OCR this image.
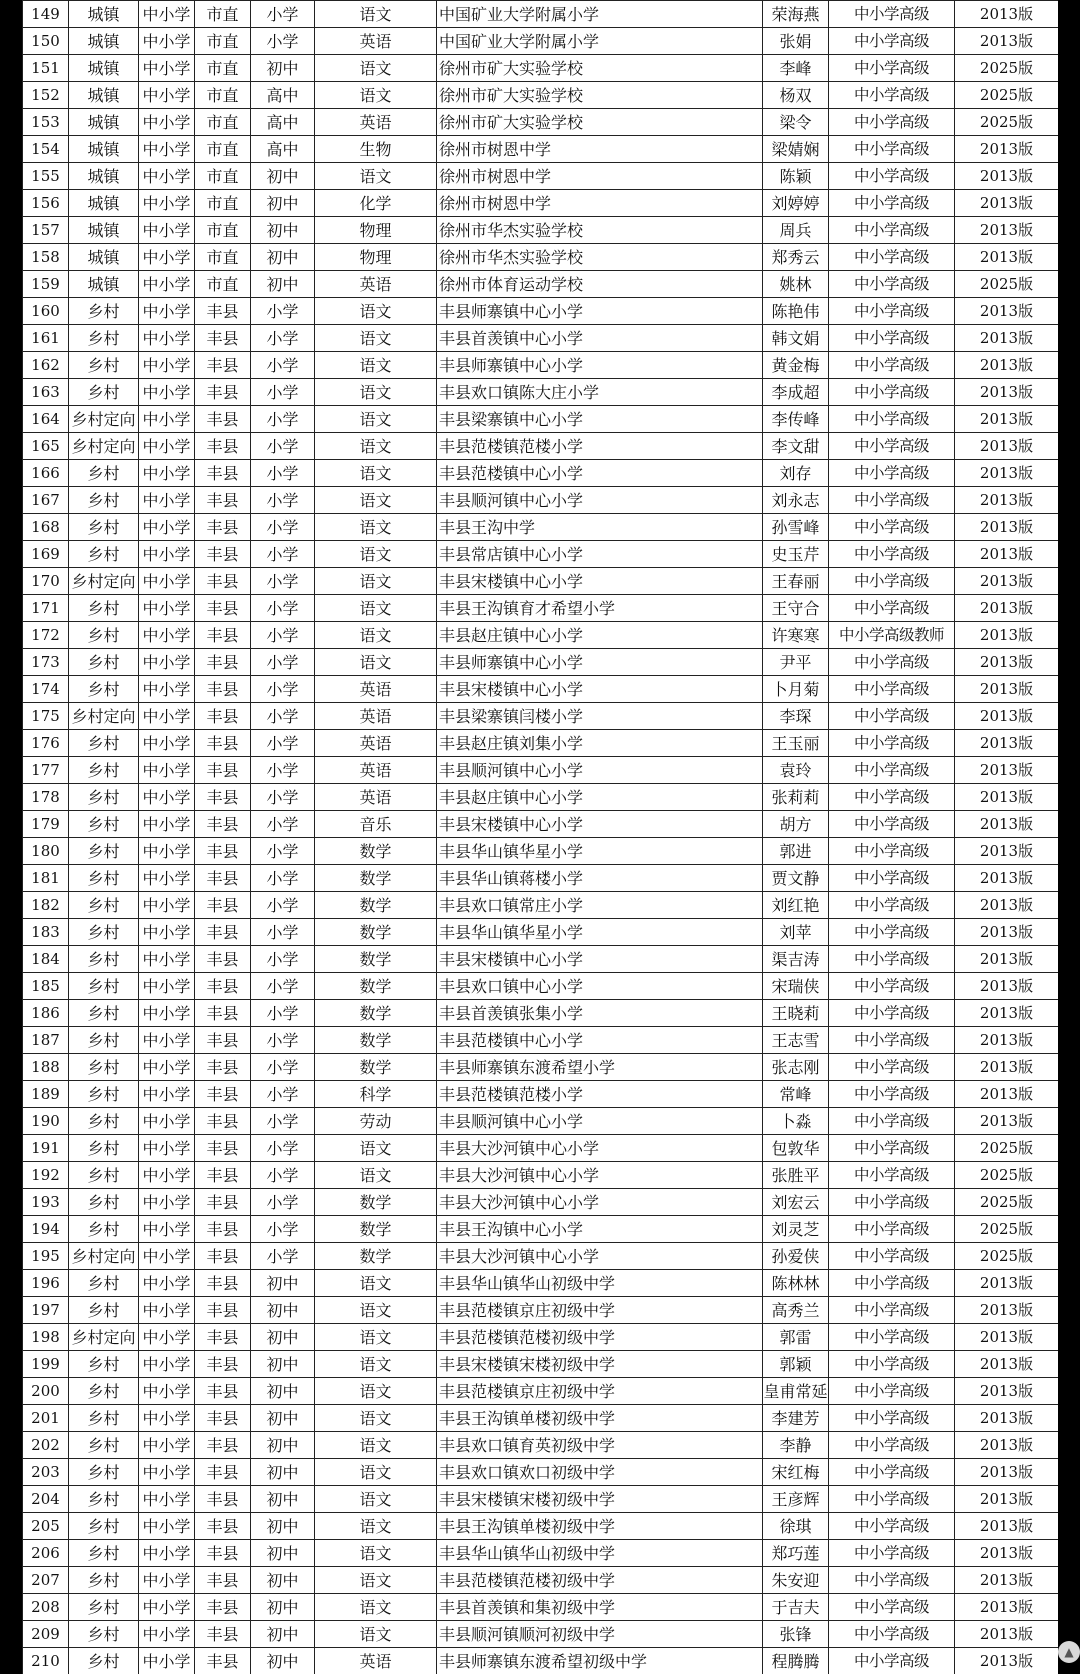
149	城镇	中小学	市直	小学	语文	中国矿业大学附属小学	荣海燕	中小学高级	2013版
150	城镇	中小学	市直	小学	英语	中国矿业大学附属小学	张娟	中小学高级	2013版
151	城镇	中小学	市直	初中	语文	徐州市矿大实验学校	李峰	中小学高级	2025版
152	城镇	中小学	市直	高中	语文	徐州市矿大实验学校	杨双	中小学高级	2025版
153	城镇	中小学	市直	高中	英语	徐州市矿大实验学校	梁令	中小学高级	2025版
154	城镇	中小学	市直	高中	生物	徐州市树恩中学	梁婧娴	中小学高级	2013版
155	城镇	中小学	市直	初中	语文	徐州市树恩中学	陈颖	中小学高级	2013版
156	城镇	中小学	市直	初中	化学	徐州市树恩中学	刘婷婷	中小学高级	2013版
157	城镇	中小学	市直	初中	物理	徐州市华杰实验学校	周兵	中小学高级	2013版
158	城镇	中小学	市直	初中	物理	徐州市华杰实验学校	郑秀云	中小学高级	2013版
159	城镇	中小学	市直	初中	英语	徐州市体育运动学校	姚林	中小学高级	2025版
160	乡村	中小学	丰县	小学	语文	丰县师寨镇中心小学	陈艳伟	中小学高级	2013版
161	乡村	中小学	丰县	小学	语文	丰县首羡镇中心小学	韩文娟	中小学高级	2013版
162	乡村	中小学	丰县	小学	语文	丰县师寨镇中心小学	黄金梅	中小学高级	2013版
163	乡村	中小学	丰县	小学	语文	丰县欢口镇陈大庄小学	李成超	中小学高级	2013版
164	乡村定向	中小学	丰县	小学	语文	丰县梁寨镇中心小学	李传峰	中小学高级	2013版
165	乡村定向	中小学	丰县	小学	语文	丰县范楼镇范楼小学	李文甜	中小学高级	2013版
166	乡村	中小学	丰县	小学	语文	丰县范楼镇中心小学	刘存	中小学高级	2013版
167	乡村	中小学	丰县	小学	语文	丰县顺河镇中心小学	刘永志	中小学高级	2013版
168	乡村	中小学	丰县	小学	语文	丰县王沟中学	孙雪峰	中小学高级	2013版
169	乡村	中小学	丰县	小学	语文	丰县常店镇中心小学	史玉芹	中小学高级	2013版
170	乡村定向	中小学	丰县	小学	语文	丰县宋楼镇中心小学	王春丽	中小学高级	2013版
171	乡村	中小学	丰县	小学	语文	丰县王沟镇育才希望小学	王守合	中小学高级	2013版
172	乡村	中小学	丰县	小学	语文	丰县赵庄镇中心小学	许寒寒	中小学高级教师	2013版
173	乡村	中小学	丰县	小学	语文	丰县师寨镇中心小学	尹平	中小学高级	2013版
174	乡村	中小学	丰县	小学	英语	丰县宋楼镇中心小学	卜月菊	中小学高级	2013版
175	乡村定向	中小学	丰县	小学	英语	丰县梁寨镇闫楼小学	李琛	中小学高级	2013版
176	乡村	中小学	丰县	小学	英语	丰县赵庄镇刘集小学	王玉丽	中小学高级	2013版
177	乡村	中小学	丰县	小学	英语	丰县顺河镇中心小学	袁玲	中小学高级	2013版
178	乡村	中小学	丰县	小学	英语	丰县赵庄镇中心小学	张莉莉	中小学高级	2013版
179	乡村	中小学	丰县	小学	音乐	丰县宋楼镇中心小学	胡方	中小学高级	2013版
180	乡村	中小学	丰县	小学	数学	丰县华山镇华星小学	郭进	中小学高级	2013版
181	乡村	中小学	丰县	小学	数学	丰县华山镇蒋楼小学	贾文静	中小学高级	2013版
182	乡村	中小学	丰县	小学	数学	丰县欢口镇常庄小学	刘红艳	中小学高级	2013版
183	乡村	中小学	丰县	小学	数学	丰县华山镇华星小学	刘苹	中小学高级	2013版
184	乡村	中小学	丰县	小学	数学	丰县宋楼镇中心小学	渠吉涛	中小学高级	2013版
185	乡村	中小学	丰县	小学	数学	丰县欢口镇中心小学	宋瑞侠	中小学高级	2013版
186	乡村	中小学	丰县	小学	数学	丰县首羡镇张集小学	王晓莉	中小学高级	2013版
187	乡村	中小学	丰县	小学	数学	丰县范楼镇中心小学	王志雪	中小学高级	2013版
188	乡村	中小学	丰县	小学	数学	丰县师寨镇东渡希望小学	张志刚	中小学高级	2013版
189	乡村	中小学	丰县	小学	科学	丰县范楼镇范楼小学	常峰	中小学高级	2013版
190	乡村	中小学	丰县	小学	劳动	丰县顺河镇中心小学	卜淼	中小学高级	2013版
191	乡村	中小学	丰县	小学	语文	丰县大沙河镇中心小学	包敦华	中小学高级	2025版
192	乡村	中小学	丰县	小学	语文	丰县大沙河镇中心小学	张胜平	中小学高级	2025版
193	乡村	中小学	丰县	小学	数学	丰县大沙河镇中心小学	刘宏云	中小学高级	2025版
194	乡村	中小学	丰县	小学	数学	丰县王沟镇中心小学	刘灵芝	中小学高级	2025版
195	乡村定向	中小学	丰县	小学	数学	丰县大沙河镇中心小学	孙爱侠	中小学高级	2025版
196	乡村	中小学	丰县	初中	语文	丰县华山镇华山初级中学	陈林林	中小学高级	2013版
197	乡村	中小学	丰县	初中	语文	丰县范楼镇京庄初级中学	高秀兰	中小学高级	2013版
198	乡村定向	中小学	丰县	初中	语文	丰县范楼镇范楼初级中学	郭雷	中小学高级	2013版
199	乡村	中小学	丰县	初中	语文	丰县宋楼镇宋楼初级中学	郭颖	中小学高级	2013版
200	乡村	中小学	丰县	初中	语文	丰县范楼镇京庄初级中学	皇甫常延	中小学高级	2013版
201	乡村	中小学	丰县	初中	语文	丰县王沟镇单楼初级中学	李建芳	中小学高级	2013版
202	乡村	中小学	丰县	初中	语文	丰县欢口镇育英初级中学	李静	中小学高级	2013版
203	乡村	中小学	丰县	初中	语文	丰县欢口镇欢口初级中学	宋红梅	中小学高级	2013版
204	乡村	中小学	丰县	初中	语文	丰县宋楼镇宋楼初级中学	王彦辉	中小学高级	2013版
205	乡村	中小学	丰县	初中	语文	丰县王沟镇单楼初级中学	徐琪	中小学高级	2013版
206	乡村	中小学	丰县	初中	语文	丰县华山镇华山初级中学	郑巧莲	中小学高级	2013版
207	乡村	中小学	丰县	初中	语文	丰县范楼镇范楼初级中学	朱安迎	中小学高级	2013版
208	乡村	中小学	丰县	初中	语文	丰县首羡镇和集初级中学	于吉夫	中小学高级	2013版
209	乡村	中小学	丰县	初中	语文	丰县顺河镇顺河初级中学	张锋	中小学高级	2013版
210	乡村	中小学	丰县	初中	英语	丰县师寨镇东渡希望初级中学	程腾腾	中小学高级	2013版	▲
